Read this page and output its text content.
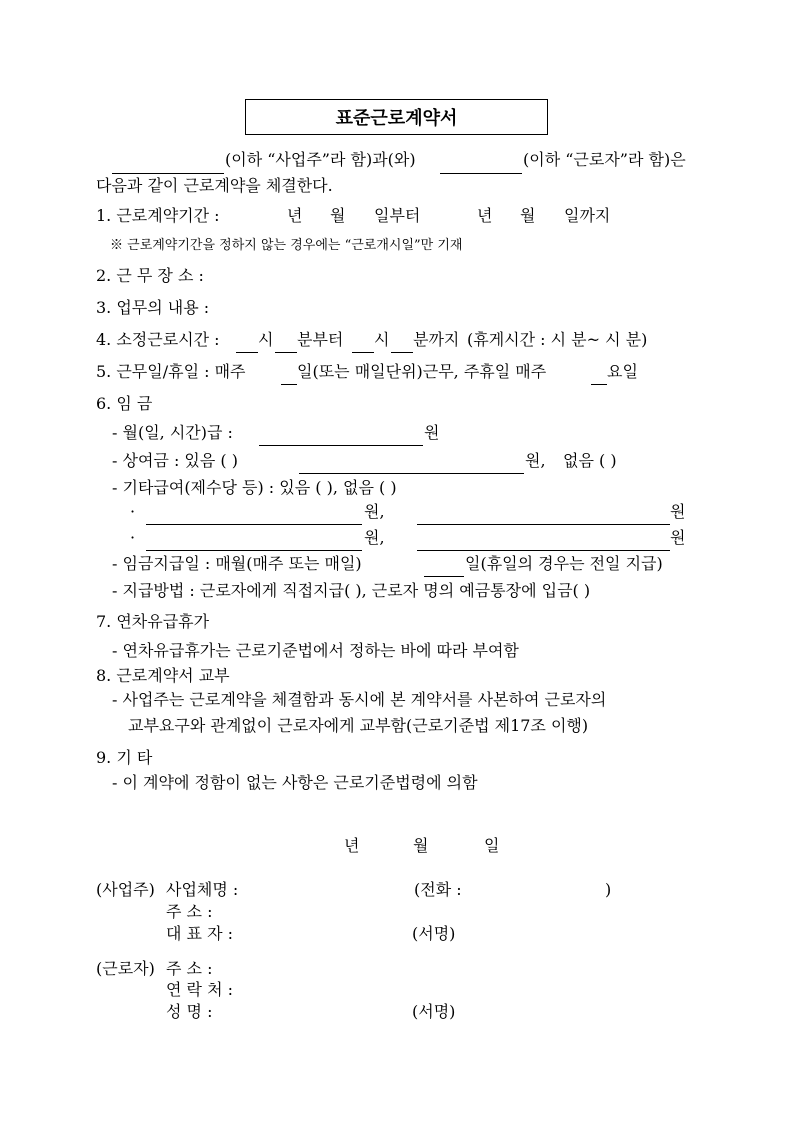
표준근로계약서
(이하 “사업주”라 함)과(와)	(이하 “근로자”라 함)은
다음과 같이 근로계약을 체결한다.
1. 근로계약기간 :	년 월 일부터	년 월 일까지
※ 근로계약기간을 정하지 않는 경우에는 “근로개시일”만 기재
2. 근 무 장 소 :
3. 업무의 내용 :
4. 소정근로시간 : 시 분부터 시 분까지 (휴게시간 : 시 분~ 시 분)
5. 근무일/휴일 : 매주	일(또는 매일단위)근무, 주휴일 매주	요일
6. 임 금
- 월(일, 시간)급 :	원
- 상여금 : 있음 ( )	원, 없음 ( )
- 기타급여(제수당 등) : 있음 ( ), 없음 ( )
·	원,	원
·	원,	원
- 임금지급일 : 매월(매주 또는 매일)	일(휴일의 경우는 전일 지급)
- 지급방법 : 근로자에게 직접지급( ), 근로자 명의 예금통장에 입금( )
7. 연차유급휴가
- 연차유급휴가는 근로기준법에서 정하는 바에 따라 부여함
8. 근로계약서 교부
- 사업주는 근로계약을 체결함과 동시에 본 계약서를 사본하여 근로자의
교부요구와 관계없이 근로자에게 교부함(근로기준법 제17조 이행)
9. 기 타
- 이 계약에 정함이 없는 사항은 근로기준법령에 의함
년	월	일
(사업주) 사업체명 :	(전화 :	)
주 소 :
대 표 자 :	(서명)
(근로자) 주 소 :
연 락 처 :
성 명 :	(서명)
